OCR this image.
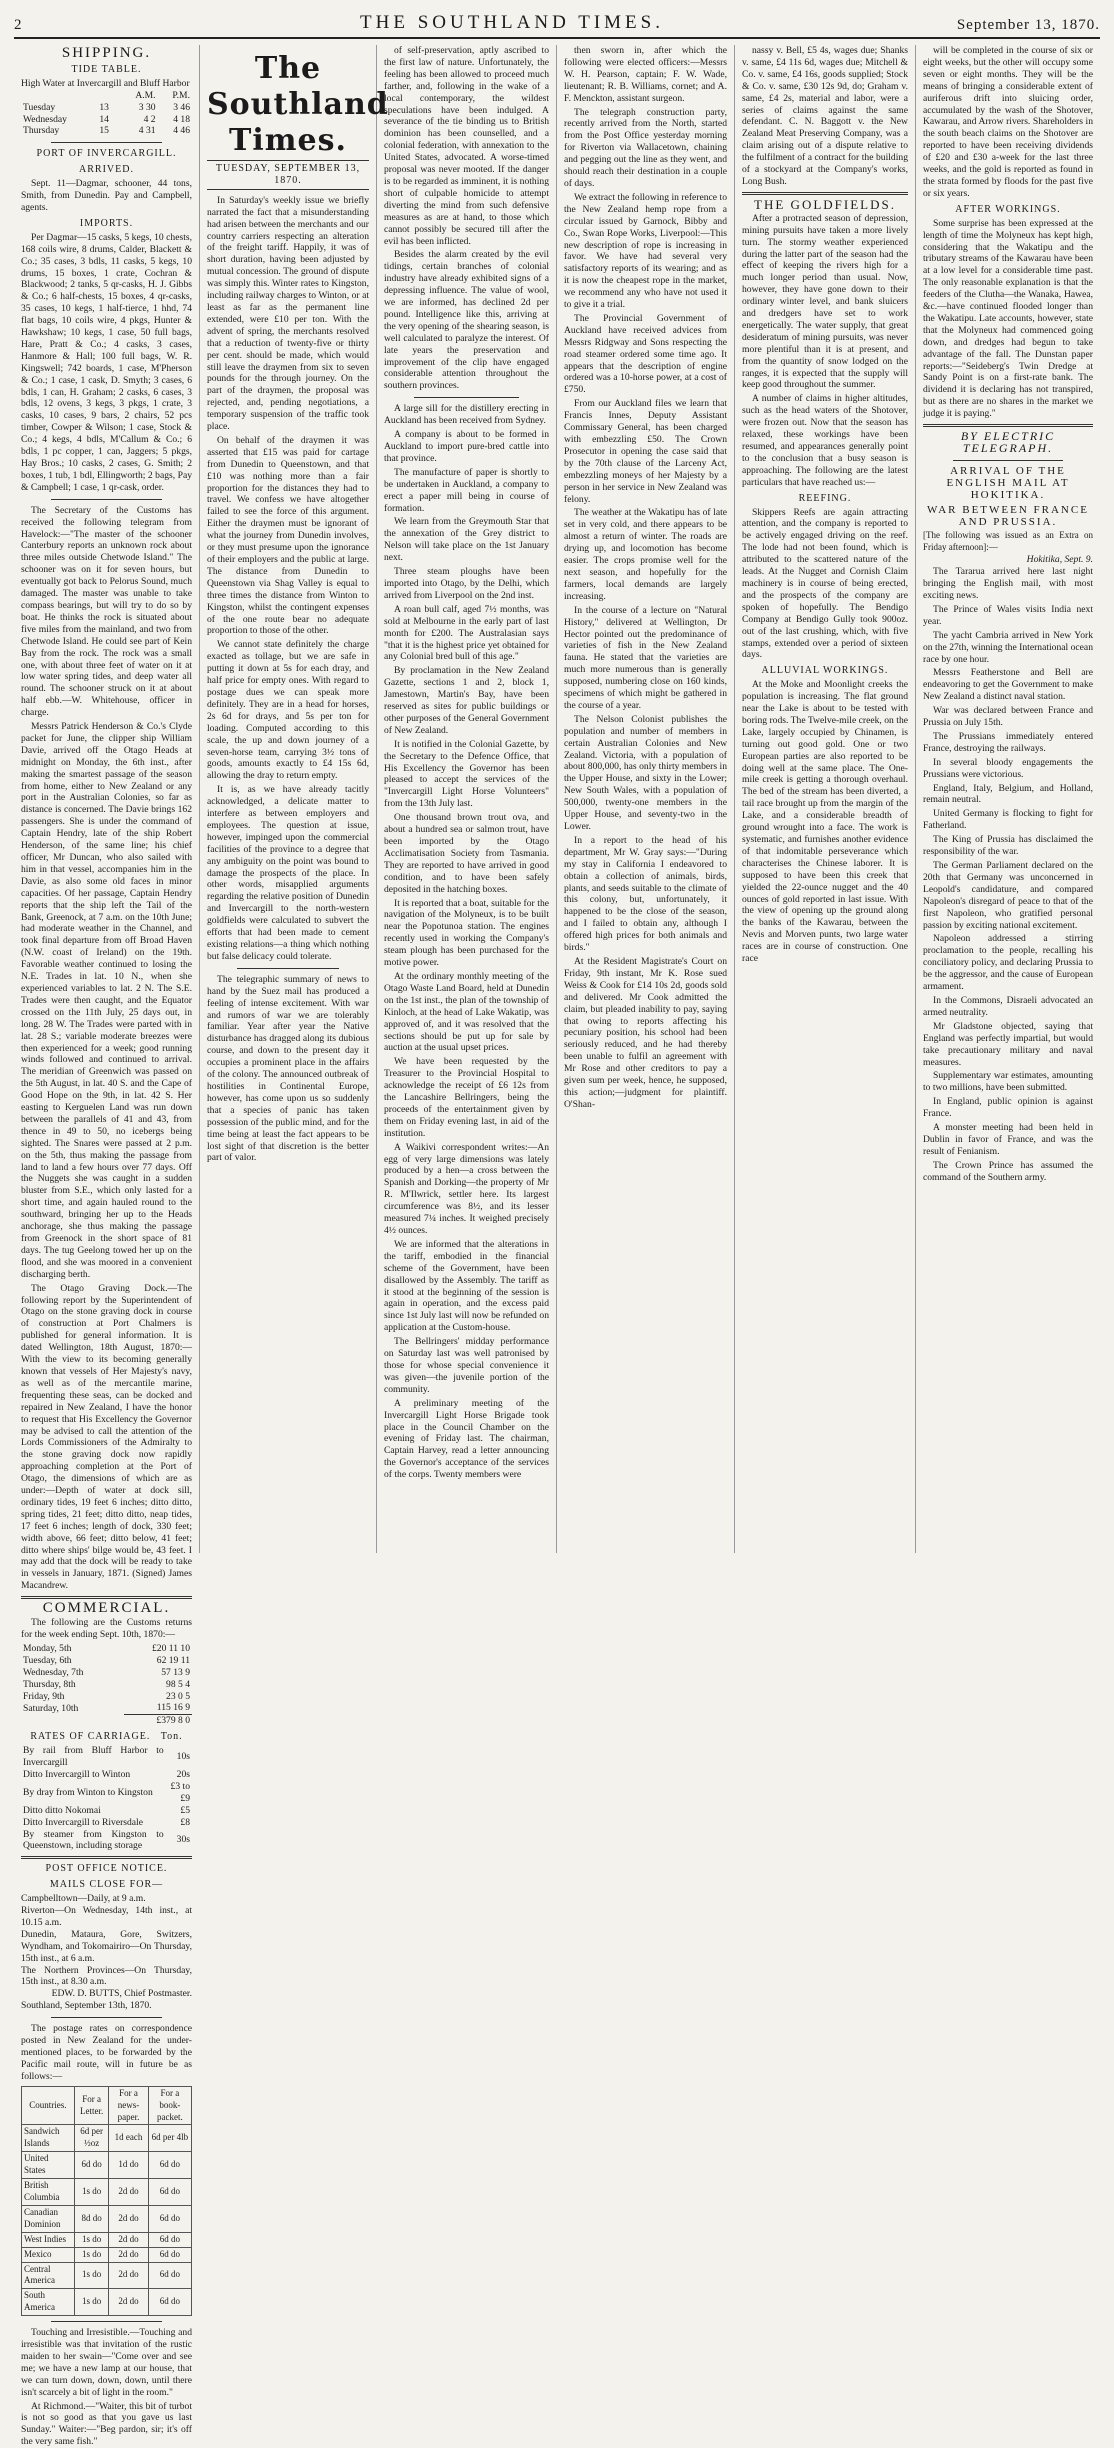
2	THE SOUTHLAND TIMES.	September 13, 1870.
SHIPPING.
TIDE TABLE.
High Water at Invercargill and Bluff Harbor
		A.M.	P.M.
Tuesday	13	3 30	3 46
Wednesday	14	4 2	4 18
Thursday	15	4 31	4 46
PORT OF INVERCARGILL.
ARRIVED.

Sept. 11—Dagmar, schooner, 44 tons, Smith, from Dunedin. Pay and Campbell, agents.

IMPORTS.

Per Dagmar—15 casks, 5 kegs, 10 chests, 168 coils wire, 8 drums, Calder, Blackett & Co.; 35 cases, 3 bdls, 11 casks, 5 kegs, 10 drums, 15 boxes, 1 crate, Cochran & Blackwood; 2 tanks, 5 qr-casks, H. J. Gibbs & Co.; 6 half-chests, 15 boxes, 4 qr-casks, 35 cases, 10 kegs, 1 half-tierce, 1 hhd, 74 flat bags, 10 coils wire, 4 pkgs, Hunter & Hawkshaw; 10 kegs, 1 case, 50 full bags, Hare, Pratt & Co.; 4 casks, 3 cases, Hanmore & Hall; 100 full bags, W. R. Kingswell; 742 boards, 1 case, M'Pherson & Co.; 1 case, 1 cask, D. Smyth; 3 cases, 6 bdls, 1 can, H. Graham; 2 casks, 6 cases, 3 bdls, 12 ovens, 3 kegs, 3 pkgs, 1 crate, 3 casks, 10 cases, 9 bars, 2 chairs, 52 pcs timber, Cowper & Wilson; 1 case, Stock & Co.; 4 kegs, 4 bdls, M'Callum & Co.; 6 bdls, 1 pc copper, 1 can, Jaggers; 5 pkgs, Hay Bros.; 10 casks, 2 cases, G. Smith; 2 boxes, 1 tub, 1 bdl, Ellingworth; 2 bags, Pay & Campbell; 1 case, 1 qr-cask, order.

The Secretary of the Customs has received the following telegram from Havelock:—"The master of the schooner Canterbury reports an unknown rock about three miles outside Chetwode Island." The schooner was on it for seven hours, but eventually got back to Pelorus Sound, much damaged. The master was unable to take compass bearings, but will try to do so by boat. He thinks the rock is situated about five miles from the mainland, and two from Chetwode Island. He could see part of Kein Bay from the rock. The rock was a small one, with about three feet of water on it at low water spring tides, and deep water all round. The schooner struck on it at about half ebb.—W. Whitehouse, officer in charge.

Messrs Patrick Henderson & Co.'s Clyde packet for June, the clipper ship William Davie, arrived off the Otago Heads at midnight on Monday, the 6th inst., after making the smartest passage of the season from home, either to New Zealand or any port in the Australian Colonies, so far as distance is concerned. The Davie brings 162 passengers. She is under the command of Captain Hendry, late of the ship Robert Henderson, of the same line; his chief officer, Mr Duncan, who also sailed with him in that vessel, accompanies him in the Davie, as also some old faces in minor capacities. Of her passage, Captain Hendry reports that the ship left the Tail of the Bank, Greenock, at 7 a.m. on the 10th June; had moderate weather in the Channel, and took final departure from off Broad Haven (N.W. coast of Ireland) on the 19th. Favorable weather continued to losing the N.E. Trades in lat. 10 N., when she experienced variables to lat. 2 N. The S.E. Trades were then caught, and the Equator crossed on the 11th July, 25 days out, in long. 28 W. The Trades were parted with in lat. 28 S.; variable moderate breezes were then experienced for a week; good running winds followed and continued to arrival. The meridian of Greenwich was passed on the 5th August, in lat. 40 S. and the Cape of Good Hope on the 9th, in lat. 42 S. Her easting to Kerguelen Land was run down between the parallels of 41 and 43, from thence in 49 to 50, no icebergs being sighted. The Snares were passed at 2 p.m. on the 5th, thus making the passage from land to land a few hours over 77 days. Off the Nuggets she was caught in a sudden bluster from S.E., which only lasted for a short time, and again hauled round to the southward, bringing her up to the Heads anchorage, she thus making the passage from Greenock in the short space of 81 days. The tug Geelong towed her up on the flood, and she was moored in a convenient discharging berth.

The Otago Graving Dock.—The following report by the Superintendent of Otago on the stone graving dock in course of construction at Port Chalmers is published for general information. It is dated Wellington, 18th August, 1870:—With the view to its becoming generally known that vessels of Her Majesty's navy, as well as of the mercantile marine, frequenting these seas, can be docked and repaired in New Zealand, I have the honor to request that His Excellency the Governor may be advised to call the attention of the Lords Commissioners of the Admiralty to the stone graving dock now rapidly approaching completion at the Port of Otago, the dimensions of which are as under:—Depth of water at dock sill, ordinary tides, 19 feet 6 inches; ditto ditto, spring tides, 21 feet; ditto ditto, neap tides, 17 feet 6 inches; length of dock, 330 feet; width above, 66 feet; ditto below, 41 feet; ditto where ships' bilge would be, 43 feet. I may add that the dock will be ready to take in vessels in January, 1871. (Signed) James Macandrew.

COMMERCIAL.

The following are the Customs returns for the week ending Sept. 10th, 1870:—

Monday, 5th	£20 11 10
Tuesday, 6th	62 19 11
Wednesday, 7th	57 13 9
Thursday, 8th	98 5 4
Friday, 9th	23 0 5
Saturday, 10th	115 16 9
	£379 8 0
RATES OF CARRIAGE. Ton.
By rail from Bluff Harbor to Invercargill	10s
Ditto Invercargill to Winton	20s
By dray from Winton to Kingston	£3 to £9
Ditto ditto Nokomai	£5
Ditto Invercargill to Riversdale	£8
By steamer from Kingston to Queenstown, including storage	30s
POST OFFICE NOTICE.
MAILS CLOSE FOR—
Campbelltown—Daily, at 9 a.m.
Riverton—On Wednesday, 14th inst., at 10.15 a.m.
Dunedin, Mataura, Gore, Switzers, Wyndham, and Tokomairiro—On Thursday, 15th inst., at 6 a.m.
The Northern Provinces—On Thursday, 15th inst., at 8.30 a.m.
EDW. D. BUTTS, Chief Postmaster.
Southland, September 13th, 1870.

The postage rates on correspondence posted in New Zealand for the under-mentioned places, to be forwarded by the Pacific mail route, will in future be as follows:—

Countries.	For a Letter.	For a news-paper.	For a book-packet.
Sandwich Islands	6d per ½oz	1d each	6d per 4lb
United States	6d do	1d do	6d do
British Columbia	1s do	2d do	6d do
Canadian Dominion	8d do	2d do	6d do
West Indies	1s do	2d do	6d do
Mexico	1s do	2d do	6d do
Central America	1s do	2d do	6d do
South America	1s do	2d do	6d do

Touching and Irresistible.—Touching and irresistible was that invitation of the rustic maiden to her swain—"Come over and see me; we have a new lamp at our house, that we can turn down, down, down, until there isn't scarcely a bit of light in the room."

At Richmond.—"Waiter, this bit of turbot is not so good as that you gave us last Sunday." Waiter:—"Beg pardon, sir; it's off the very same fish."

The Southland Times.
TUESDAY, SEPTEMBER 13, 1870.

In Saturday's weekly issue we briefly narrated the fact that a misunderstanding had arisen between the merchants and our country carriers respecting an alteration of the freight tariff. Happily, it was of short duration, having been adjusted by mutual concession. The ground of dispute was simply this. Winter rates to Kingston, including railway charges to Winton, or at least as far as the permanent line extended, were £10 per ton. With the advent of spring, the merchants resolved that a reduction of twenty-five or thirty per cent. should be made, which would still leave the draymen from six to seven pounds for the through journey. On the part of the draymen, the proposal was rejected, and, pending negotiations, a temporary suspension of the traffic took place.

On behalf of the draymen it was asserted that £15 was paid for cartage from Dunedin to Queenstown, and that £10 was nothing more than a fair proportion for the distances they had to travel. We confess we have altogether failed to see the force of this argument. Either the draymen must be ignorant of what the journey from Dunedin involves, or they must presume upon the ignorance of their employers and the public at large. The distance from Dunedin to Queenstown via Shag Valley is equal to three times the distance from Winton to Kingston, whilst the contingent expenses of the one route bear no adequate proportion to those of the other.

We cannot state definitely the charge exacted as tollage, but we are safe in putting it down at 5s for each dray, and half price for empty ones. With regard to postage dues we can speak more definitely. They are in a head for horses, 2s 6d for drays, and 5s per ton for loading. Computed according to this scale, the up and down journey of a seven-horse team, carrying 3½ tons of goods, amounts exactly to £4 15s 6d, allowing the dray to return empty.

It is, as we have already tacitly acknowledged, a delicate matter to interfere as between employers and employees. The question at issue, however, impinged upon the commercial facilities of the province to a degree that any ambiguity on the point was bound to damage the prospects of the place. In other words, misapplied arguments regarding the relative position of Dunedin and Invercargill to the north-western goldfields were calculated to subvert the efforts that had been made to cement existing relations—a thing which nothing but false delicacy could tolerate.

The telegraphic summary of news to hand by the Suez mail has produced a feeling of intense excitement. With war and rumors of war we are tolerably familiar. Year after year the Native disturbance has dragged along its dubious course, and down to the present day it occupies a prominent place in the affairs of the colony. The announced outbreak of hostilities in Continental Europe, however, has come upon us so suddenly that a species of panic has taken possession of the public mind, and for the time being at least the fact appears to be lost sight of that discretion is the better part of valor.

of self-preservation, aptly ascribed to the first law of nature. Unfortunately, the feeling has been allowed to proceed much farther, and, following in the wake of a local contemporary, the wildest speculations have been indulged. A severance of the tie binding us to British dominion has been counselled, and a colonial federation, with annexation to the United States, advocated. A worse-timed proposal was never mooted. If the danger is to be regarded as imminent, it is nothing short of culpable homicide to attempt diverting the mind from such defensive measures as are at hand, to those which cannot possibly be secured till after the evil has been inflicted.

Besides the alarm created by the evil tidings, certain branches of colonial industry have already exhibited signs of a depressing influence. The value of wool, we are informed, has declined 2d per pound. Intelligence like this, arriving at the very opening of the shearing season, is well calculated to paralyze the interest. Of late years the preservation and improvement of the clip have engaged considerable attention throughout the southern provinces.

A large sill for the distillery erecting in Auckland has been received from Sydney.

A company is about to be formed in Auckland to import pure-bred cattle into that province.

The manufacture of paper is shortly to be undertaken in Auckland, a company to erect a paper mill being in course of formation.

We learn from the Greymouth Star that the annexation of the Grey district to Nelson will take place on the 1st January next.

Three steam ploughs have been imported into Otago, by the Delhi, which arrived from Liverpool on the 2nd inst.

A roan bull calf, aged 7½ months, was sold at Melbourne in the early part of last month for £200. The Australasian says "that it is the highest price yet obtained for any Colonial bred bull of this age."

By proclamation in the New Zealand Gazette, sections 1 and 2, block 1, Jamestown, Martin's Bay, have been reserved as sites for public buildings or other purposes of the General Government of New Zealand.

It is notified in the Colonial Gazette, by the Secretary to the Defence Office, that His Excellency the Governor has been pleased to accept the services of the "Invercargill Light Horse Volunteers" from the 13th July last.

One thousand brown trout ova, and about a hundred sea or salmon trout, have been imported by the Otago Acclimatisation Society from Tasmania. They are reported to have arrived in good condition, and to have been safely deposited in the hatching boxes.

It is reported that a boat, suitable for the navigation of the Molyneux, is to be built near the Popotunoa station. The engines recently used in working the Company's steam plough has been purchased for the motive power.

At the ordinary monthly meeting of the Otago Waste Land Board, held at Dunedin on the 1st inst., the plan of the township of Kinloch, at the head of Lake Wakatip, was approved of, and it was resolved that the sections should be put up for sale by auction at the usual upset prices.

We have been requested by the Treasurer to the Provincial Hospital to acknowledge the receipt of £6 12s from the Lancashire Bellringers, being the proceeds of the entertainment given by them on Friday evening last, in aid of the institution.

A Waikivi correspondent writes:—An egg of very large dimensions was lately produced by a hen—a cross between the Spanish and Dorking—the property of Mr R. M'Ilwrick, settler here. Its largest circumference was 8½, and its lesser measured 7¼ inches. It weighed precisely 4½ ounces.

We are informed that the alterations in the tariff, embodied in the financial scheme of the Government, have been disallowed by the Assembly. The tariff as it stood at the beginning of the session is again in operation, and the excess paid since 1st July last will now be refunded on application at the Custom-house.

The Bellringers' midday performance on Saturday last was well patronised by those for whose special convenience it was given—the juvenile portion of the community.

A preliminary meeting of the Invercargill Light Horse Brigade took place in the Council Chamber on the evening of Friday last. The chairman, Captain Harvey, read a letter announcing the Governor's acceptance of the services of the corps. Twenty members were

then sworn in, after which the following were elected officers:—Messrs W. H. Pearson, captain; F. W. Wade, lieutenant; R. B. Williams, cornet; and A. F. Menckton, assistant surgeon.

The telegraph construction party, recently arrived from the North, started from the Post Office yesterday morning for Riverton via Wallacetown, chaining and pegging out the line as they went, and should reach their destination in a couple of days.

We extract the following in reference to the New Zealand hemp rope from a circular issued by Garnock, Bibby and Co., Swan Rope Works, Liverpool:—This new description of rope is increasing in favor. We have had several very satisfactory reports of its wearing; and as it is now the cheapest rope in the market, we recommend any who have not used it to give it a trial.

The Provincial Government of Auckland have received advices from Messrs Ridgway and Sons respecting the road steamer ordered some time ago. It appears that the description of engine ordered was a 10-horse power, at a cost of £750.

From our Auckland files we learn that Francis Innes, Deputy Assistant Commissary General, has been charged with embezzling £50. The Crown Prosecutor in opening the case said that by the 70th clause of the Larceny Act, embezzling moneys of her Majesty by a person in her service in New Zealand was felony.

The weather at the Wakatipu has of late set in very cold, and there appears to be almost a return of winter. The roads are drying up, and locomotion has become easier. The crops promise well for the next season, and hopefully for the farmers, local demands are largely increasing.

In the course of a lecture on "Natural History," delivered at Wellington, Dr Hector pointed out the predominance of varieties of fish in the New Zealand fauna. He stated that the varieties are much more numerous than is generally supposed, numbering close on 160 kinds, specimens of which might be gathered in the course of a year.

The Nelson Colonist publishes the population and number of members in certain Australian Colonies and New Zealand. Victoria, with a population of about 800,000, has only thirty members in the Upper House, and sixty in the Lower; New South Wales, with a population of 500,000, twenty-one members in the Upper House, and seventy-two in the Lower.

In a report to the head of his department, Mr W. Gray says:—"During my stay in California I endeavored to obtain a collection of animals, birds, plants, and seeds suitable to the climate of this colony, but, unfortunately, it happened to be the close of the season, and I failed to obtain any, although I offered high prices for both animals and birds."

At the Resident Magistrate's Court on Friday, 9th instant, Mr K. Rose sued Weiss & Cook for £14 10s 2d, goods sold and delivered. Mr Cook admitted the claim, but pleaded inability to pay, saying that owing to reports affecting his pecuniary position, his school had been seriously reduced, and he had thereby been unable to fulfil an agreement with Mr Rose and other creditors to pay a given sum per week, hence, he supposed, this action;—judgment for plaintiff. O'Shan-

nassy v. Bell, £5 4s, wages due; Shanks v. same, £4 11s 6d, wages due; Mitchell & Co. v. same, £4 16s, goods supplied; Stock & Co. v. same, £30 12s 9d, do; Graham v. same, £4 2s, material and labor, were a series of claims against the same defendant. C. N. Baggott v. the New Zealand Meat Preserving Company, was a claim arising out of a dispute relative to the fulfilment of a contract for the building of a stockyard at the Company's works, Long Bush.

THE GOLDFIELDS.

After a protracted season of depression, mining pursuits have taken a more lively turn. The stormy weather experienced during the latter part of the season had the effect of keeping the rivers high for a much longer period than usual. Now, however, they have gone down to their ordinary winter level, and bank sluicers and dredgers have set to work energetically. The water supply, that great desideratum of mining pursuits, was never more plentiful than it is at present, and from the quantity of snow lodged on the ranges, it is expected that the supply will keep good throughout the summer.

A number of claims in higher altitudes, such as the head waters of the Shotover, were frozen out. Now that the season has relaxed, these workings have been resumed, and appearances generally point to the conclusion that a busy season is approaching. The following are the latest particulars that have reached us:—

REEFING.

Skippers Reefs are again attracting attention, and the company is reported to be actively engaged driving on the reef. The lode had not been found, which is attributed to the scattered nature of the leads. At the Nugget and Cornish Claim machinery is in course of being erected, and the prospects of the company are spoken of hopefully. The Bendigo Company at Bendigo Gully took 900oz. out of the last crushing, which, with five stamps, extended over a period of sixteen days.

ALLUVIAL WORKINGS.

At the Moke and Moonlight creeks the population is increasing. The flat ground near the Lake is about to be tested with boring rods. The Twelve-mile creek, on the Lake, largely occupied by Chinamen, is turning out good gold. One or two European parties are also reported to be doing well at the same place. The One-mile creek is getting a thorough overhaul. The bed of the stream has been diverted, a tail race brought up from the margin of the Lake, and a considerable breadth of ground wrought into a face. The work is systematic, and furnishes another evidence of that indomitable perseverance which characterises the Chinese laborer. It is supposed to have been this creek that yielded the 22-ounce nugget and the 40 ounces of gold reported in last issue. With the view of opening up the ground along the banks of the Kawarau, between the Nevis and Morven punts, two large water races are in course of construction. One race

will be completed in the course of six or eight weeks, but the other will occupy some seven or eight months. They will be the means of bringing a considerable extent of auriferous drift into sluicing order, accumulated by the wash of the Shotover, Kawarau, and Arrow rivers. Shareholders in the south beach claims on the Shotover are reported to have been receiving dividends of £20 and £30 a-week for the last three weeks, and the gold is reported as found in the strata formed by floods for the past five or six years.

AFTER WORKINGS.

Some surprise has been expressed at the length of time the Molyneux has kept high, considering that the Wakatipu and the tributary streams of the Kawarau have been at a low level for a considerable time past. The only reasonable explanation is that the feeders of the Clutha—the Wanaka, Hawea, &c.—have continued flooded longer than the Wakatipu. Late accounts, however, state that the Molyneux had commenced going down, and dredges had begun to take advantage of the fall. The Dunstan paper reports:—"Seideberg's Twin Dredge at Sandy Point is on a first-rate bank. The dividend it is declaring has not transpired, but as there are no shares in the market we judge it is paying."

BY ELECTRIC TELEGRAPH.
ARRIVAL OF THE ENGLISH MAIL AT HOKITIKA.
WAR BETWEEN FRANCE AND PRUSSIA.
[The following was issued as an Extra on Friday afternoon]:—
Hokitika, Sept. 9.

The Tararua arrived here last night bringing the English mail, with most exciting news.

The Prince of Wales visits India next year.

The yacht Cambria arrived in New York on the 27th, winning the International ocean race by one hour.

Messrs Featherstone and Bell are endeavoring to get the Government to make New Zealand a distinct naval station.

War was declared between France and Prussia on July 15th.

The Prussians immediately entered France, destroying the railways.

In several bloody engagements the Prussians were victorious.

England, Italy, Belgium, and Holland, remain neutral.

United Germany is flocking to fight for Fatherland.

The King of Prussia has disclaimed the responsibility of the war.

The German Parliament declared on the 20th that Germany was unconcerned in Leopold's candidature, and compared Napoleon's disregard of peace to that of the first Napoleon, who gratified personal passion by exciting national excitement.

Napoleon addressed a stirring proclamation to the people, recalling his conciliatory policy, and declaring Prussia to be the aggressor, and the cause of European armament.

In the Commons, Disraeli advocated an armed neutrality.

Mr Gladstone objected, saying that England was perfectly impartial, but would take precautionary military and naval measures.

Supplementary war estimates, amounting to two millions, have been submitted.

In England, public opinion is against France.

A monster meeting had been held in Dublin in favor of France, and was the result of Fenianism.

The Crown Prince has assumed the command of the Southern army.
